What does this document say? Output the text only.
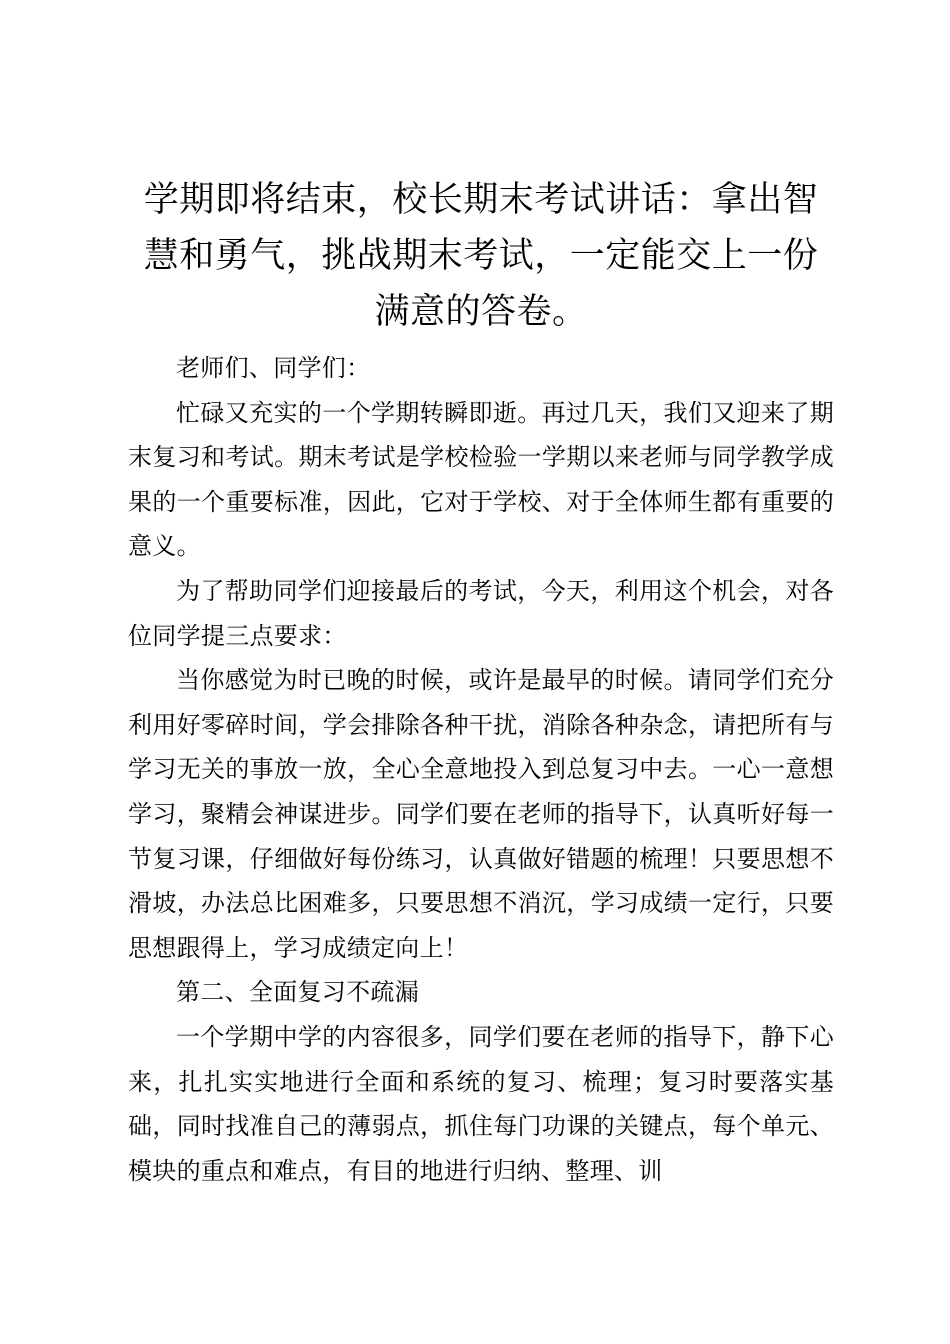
学期即将结束，校长期末考试讲话：拿出智慧和勇气，挑战期末考试，一定能交上一份满意的答卷。

老师们、同学们：

忙碌又充实的一个学期转瞬即逝。再过几天，我们又迎来了期末复习和考试。期末考试是学校检验一学期以来老师与同学教学成果的一个重要标准，因此，它对于学校、对于全体师生都有重要的意义。

为了帮助同学们迎接最后的考试，今天，利用这个机会，对各位同学提三点要求：

当你感觉为时已晚的时候，或许是最早的时候。请同学们充分利用好零碎时间，学会排除各种干扰，消除各种杂念，请把所有与学习无关的事放一放，全心全意地投入到总复习中去。一心一意想学习，聚精会神谋进步。同学们要在老师的指导下，认真听好每一节复习课，仔细做好每份练习，认真做好错题的梳理！只要思想不滑坡，办法总比困难多，只要思想不消沉，学习成绩一定行，只要思想跟得上，学习成绩定向上！

第二、全面复习不疏漏

一个学期中学的内容很多，同学们要在老师的指导下，静下心来，扎扎实实地进行全面和系统的复习、梳理；复习时要落实基础，同时找准自己的薄弱点，抓住每门功课的关键点，每个单元、模块的重点和难点，有目的地进行归纳、整理、训
